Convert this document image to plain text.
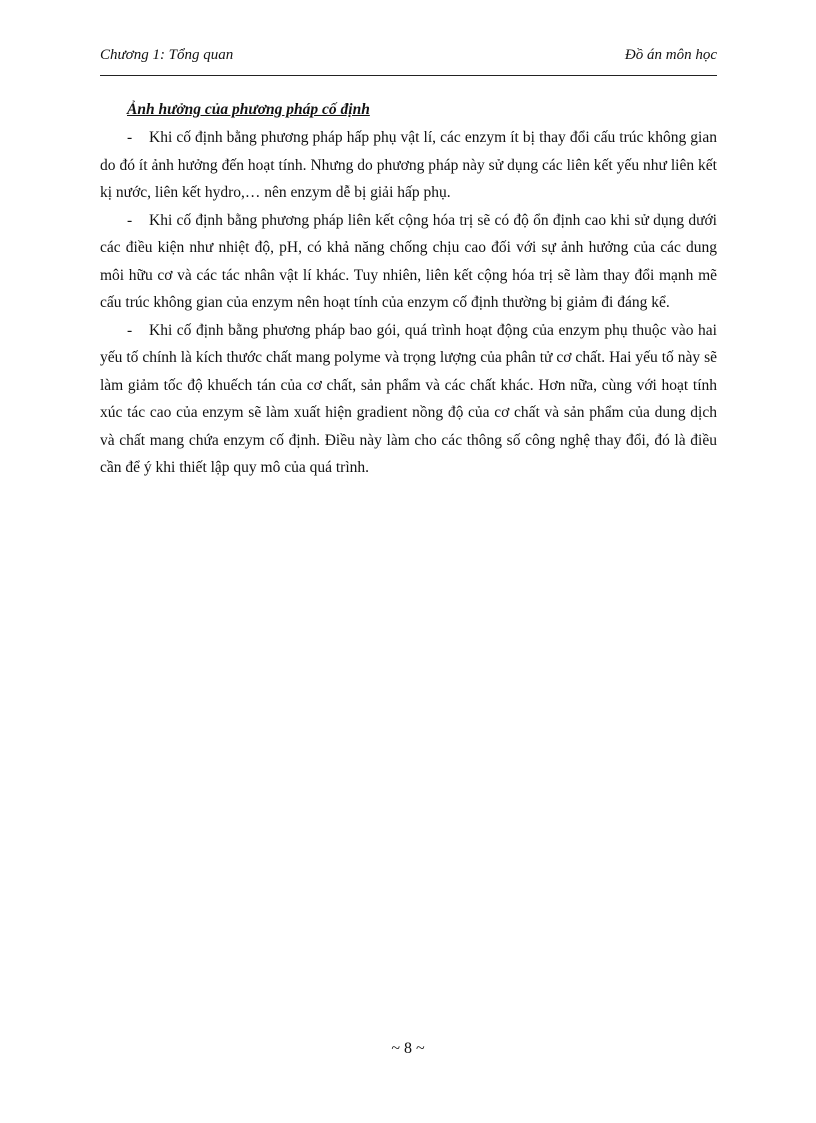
Chương 1: Tổng quan	Đồ án môn học
Ảnh hưởng của phương pháp cố định

- Khi cố định bằng phương pháp hấp phụ vật lí, các enzym ít bị thay đổi cấu trúc không gian do đó ít ảnh hưởng đến hoạt tính. Nhưng do phương pháp này sử dụng các liên kết yếu như liên kết kị nước, liên kết hydro,… nên enzym dễ bị giải hấp phụ.

- Khi cố định bằng phương pháp liên kết cộng hóa trị sẽ có độ ổn định cao khi sử dụng dưới các điều kiện như nhiệt độ, pH, có khả năng chống chịu cao đối với sự ảnh hưởng của các dung môi hữu cơ và các tác nhân vật lí khác. Tuy nhiên, liên kết cộng hóa trị sẽ làm thay đổi mạnh mẽ cấu trúc không gian của enzym nên hoạt tính của enzym cố định thường bị giảm đi đáng kể.

- Khi cố định bằng phương pháp bao gói, quá trình hoạt động của enzym phụ thuộc vào hai yếu tố chính là kích thước chất mang polyme và trọng lượng của phân tử cơ chất. Hai yếu tố này sẽ làm giảm tốc độ khuếch tán của cơ chất, sản phẩm và các chất khác. Hơn nữa, cùng với hoạt tính xúc tác cao của enzym sẽ làm xuất hiện gradient nồng độ của cơ chất và sản phẩm của dung dịch và chất mang chứa enzym cố định. Điều này làm cho các thông số công nghệ thay đổi, đó là điều cần để ý khi thiết lập quy mô của quá trình.

~ 8 ~
